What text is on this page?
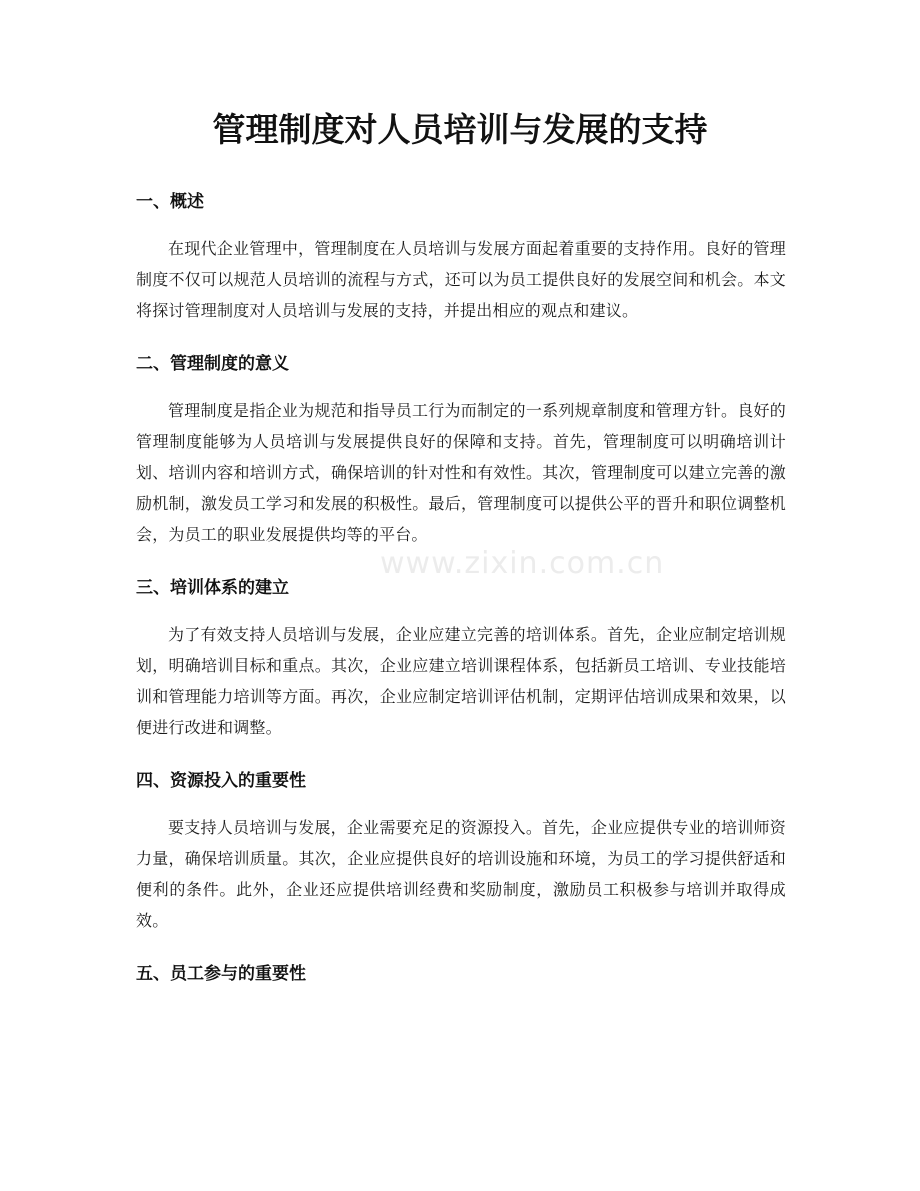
www.zixin.com.cn
管理制度对人员培训与发展的支持
一、概述

在现代企业管理中，管理制度在人员培训与发展方面起着重要的支持作用。良好的管理制度不仅可以规范人员培训的流程与方式，还可以为员工提供良好的发展空间和机会。本文将探讨管理制度对人员培训与发展的支持，并提出相应的观点和建议。

二、管理制度的意义

管理制度是指企业为规范和指导员工行为而制定的一系列规章制度和管理方针。良好的管理制度能够为人员培训与发展提供良好的保障和支持。首先，管理制度可以明确培训计划、培训内容和培训方式，确保培训的针对性和有效性。其次，管理制度可以建立完善的激励机制，激发员工学习和发展的积极性。最后，管理制度可以提供公平的晋升和职位调整机会，为员工的职业发展提供均等的平台。

三、培训体系的建立

为了有效支持人员培训与发展，企业应建立完善的培训体系。首先，企业应制定培训规划，明确培训目标和重点。其次，企业应建立培训课程体系，包括新员工培训、专业技能培训和管理能力培训等方面。再次，企业应制定培训评估机制，定期评估培训成果和效果，以便进行改进和调整。

四、资源投入的重要性

要支持人员培训与发展，企业需要充足的资源投入。首先，企业应提供专业的培训师资力量，确保培训质量。其次，企业应提供良好的培训设施和环境，为员工的学习提供舒适和便利的条件。此外，企业还应提供培训经费和奖励制度，激励员工积极参与培训并取得成效。

五、员工参与的重要性
